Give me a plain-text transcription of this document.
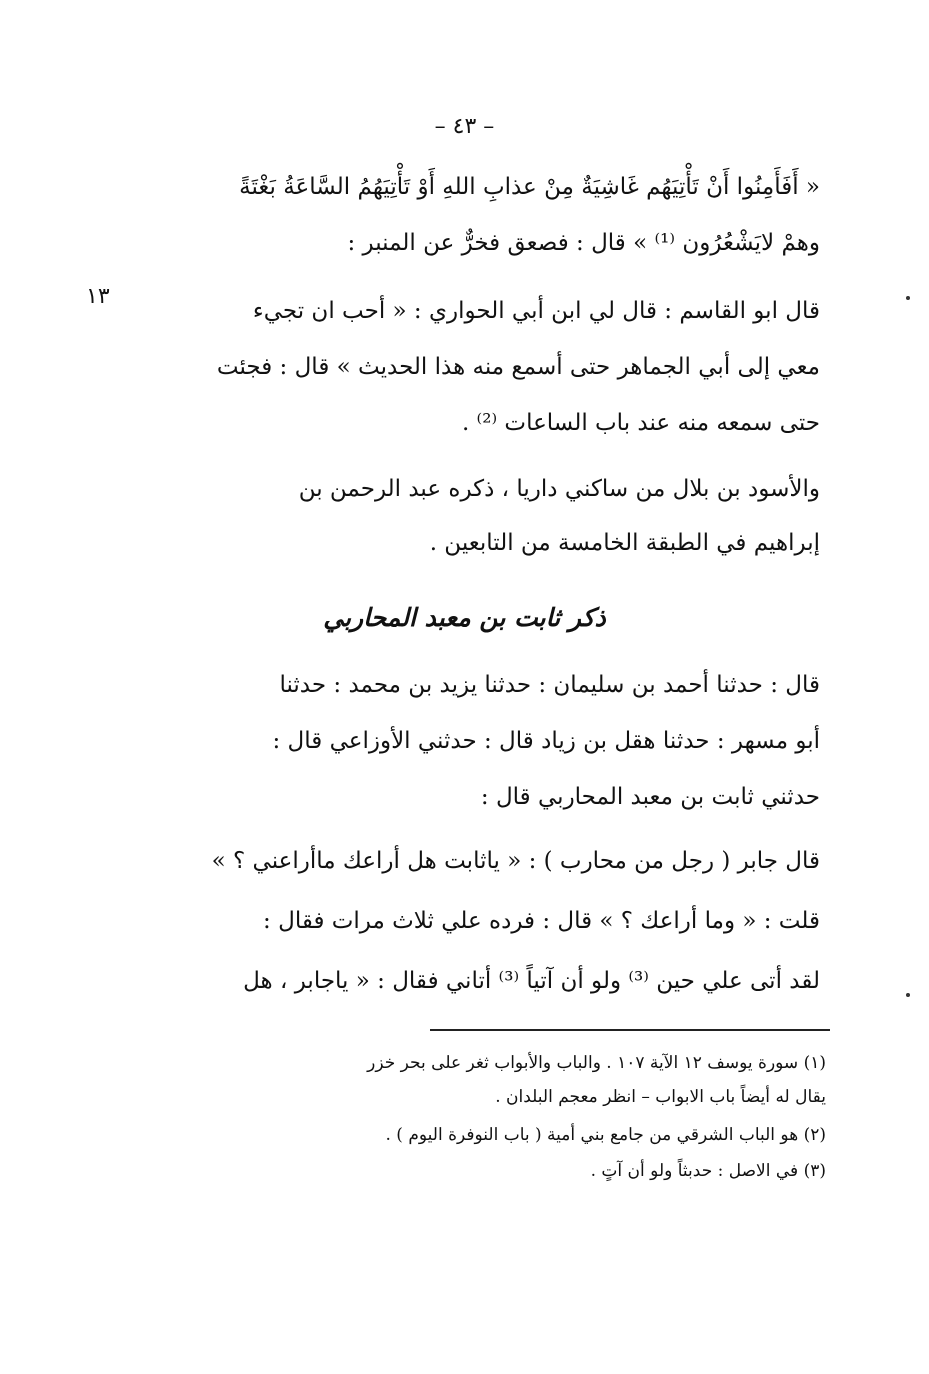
– ٤٣ –
١٣
« أَفَأَمِنُوا أَنْ تَأْتِيَهُم غَاشِيَةٌ مِنْ عذابِ اللهِ أَوْ تَأْتِيَهُمُ السَّاعَةُ بَغْتَةً
وهمْ لايَشْعُرُون ⁽¹⁾ » قال : فصعق فخرٌّ عن المنبر :
قال ابو القاسم : قال لي ابن أبي الحواري : « أحب ان تجيء
معي إلى أبي الجماهر حتى أسمع منه هذا الحديث » قال : فجئت
حتى سمعه منه عند باب الساعات ⁽²⁾ .
والأسود بن بلال من ساكني داريا ، ذكره عبد الرحمن بن
إبراهيم في الطبقة الخامسة من التابعين .
ذكر ثابت بن معبد المحاربي
قال : حدثنا أحمد بن سليمان : حدثنا يزيد بن محمد : حدثنا
أبو مسهر : حدثنا هقل بن زياد قال : حدثني الأوزاعي قال :
حدثني ثابت بن معبد المحاربي قال :
قال جابر ( رجل من محارب ) : « ياثابت هل أراعك ماأراعني ؟ »
قلت : « وما أراعك ؟ » قال : فرده علي ثلاث مرات فقال :
لقد أتى علي حين ⁽³⁾ ولو أن آتياً ⁽³⁾ أتاني فقال : « ياجابر ، هل
(١) سورة يوسف ١٢ الآية ١٠٧ . والباب والأبواب ثغر على بحر خزر
يقال له أيضاً باب الابواب – انظر معجم البلدان .
(٢) هو الباب الشرقي من جامع بني أمية ( باب النوفرة اليوم ) .
(٣) في الاصل : حدبثاً ولو أن آتٍ .
